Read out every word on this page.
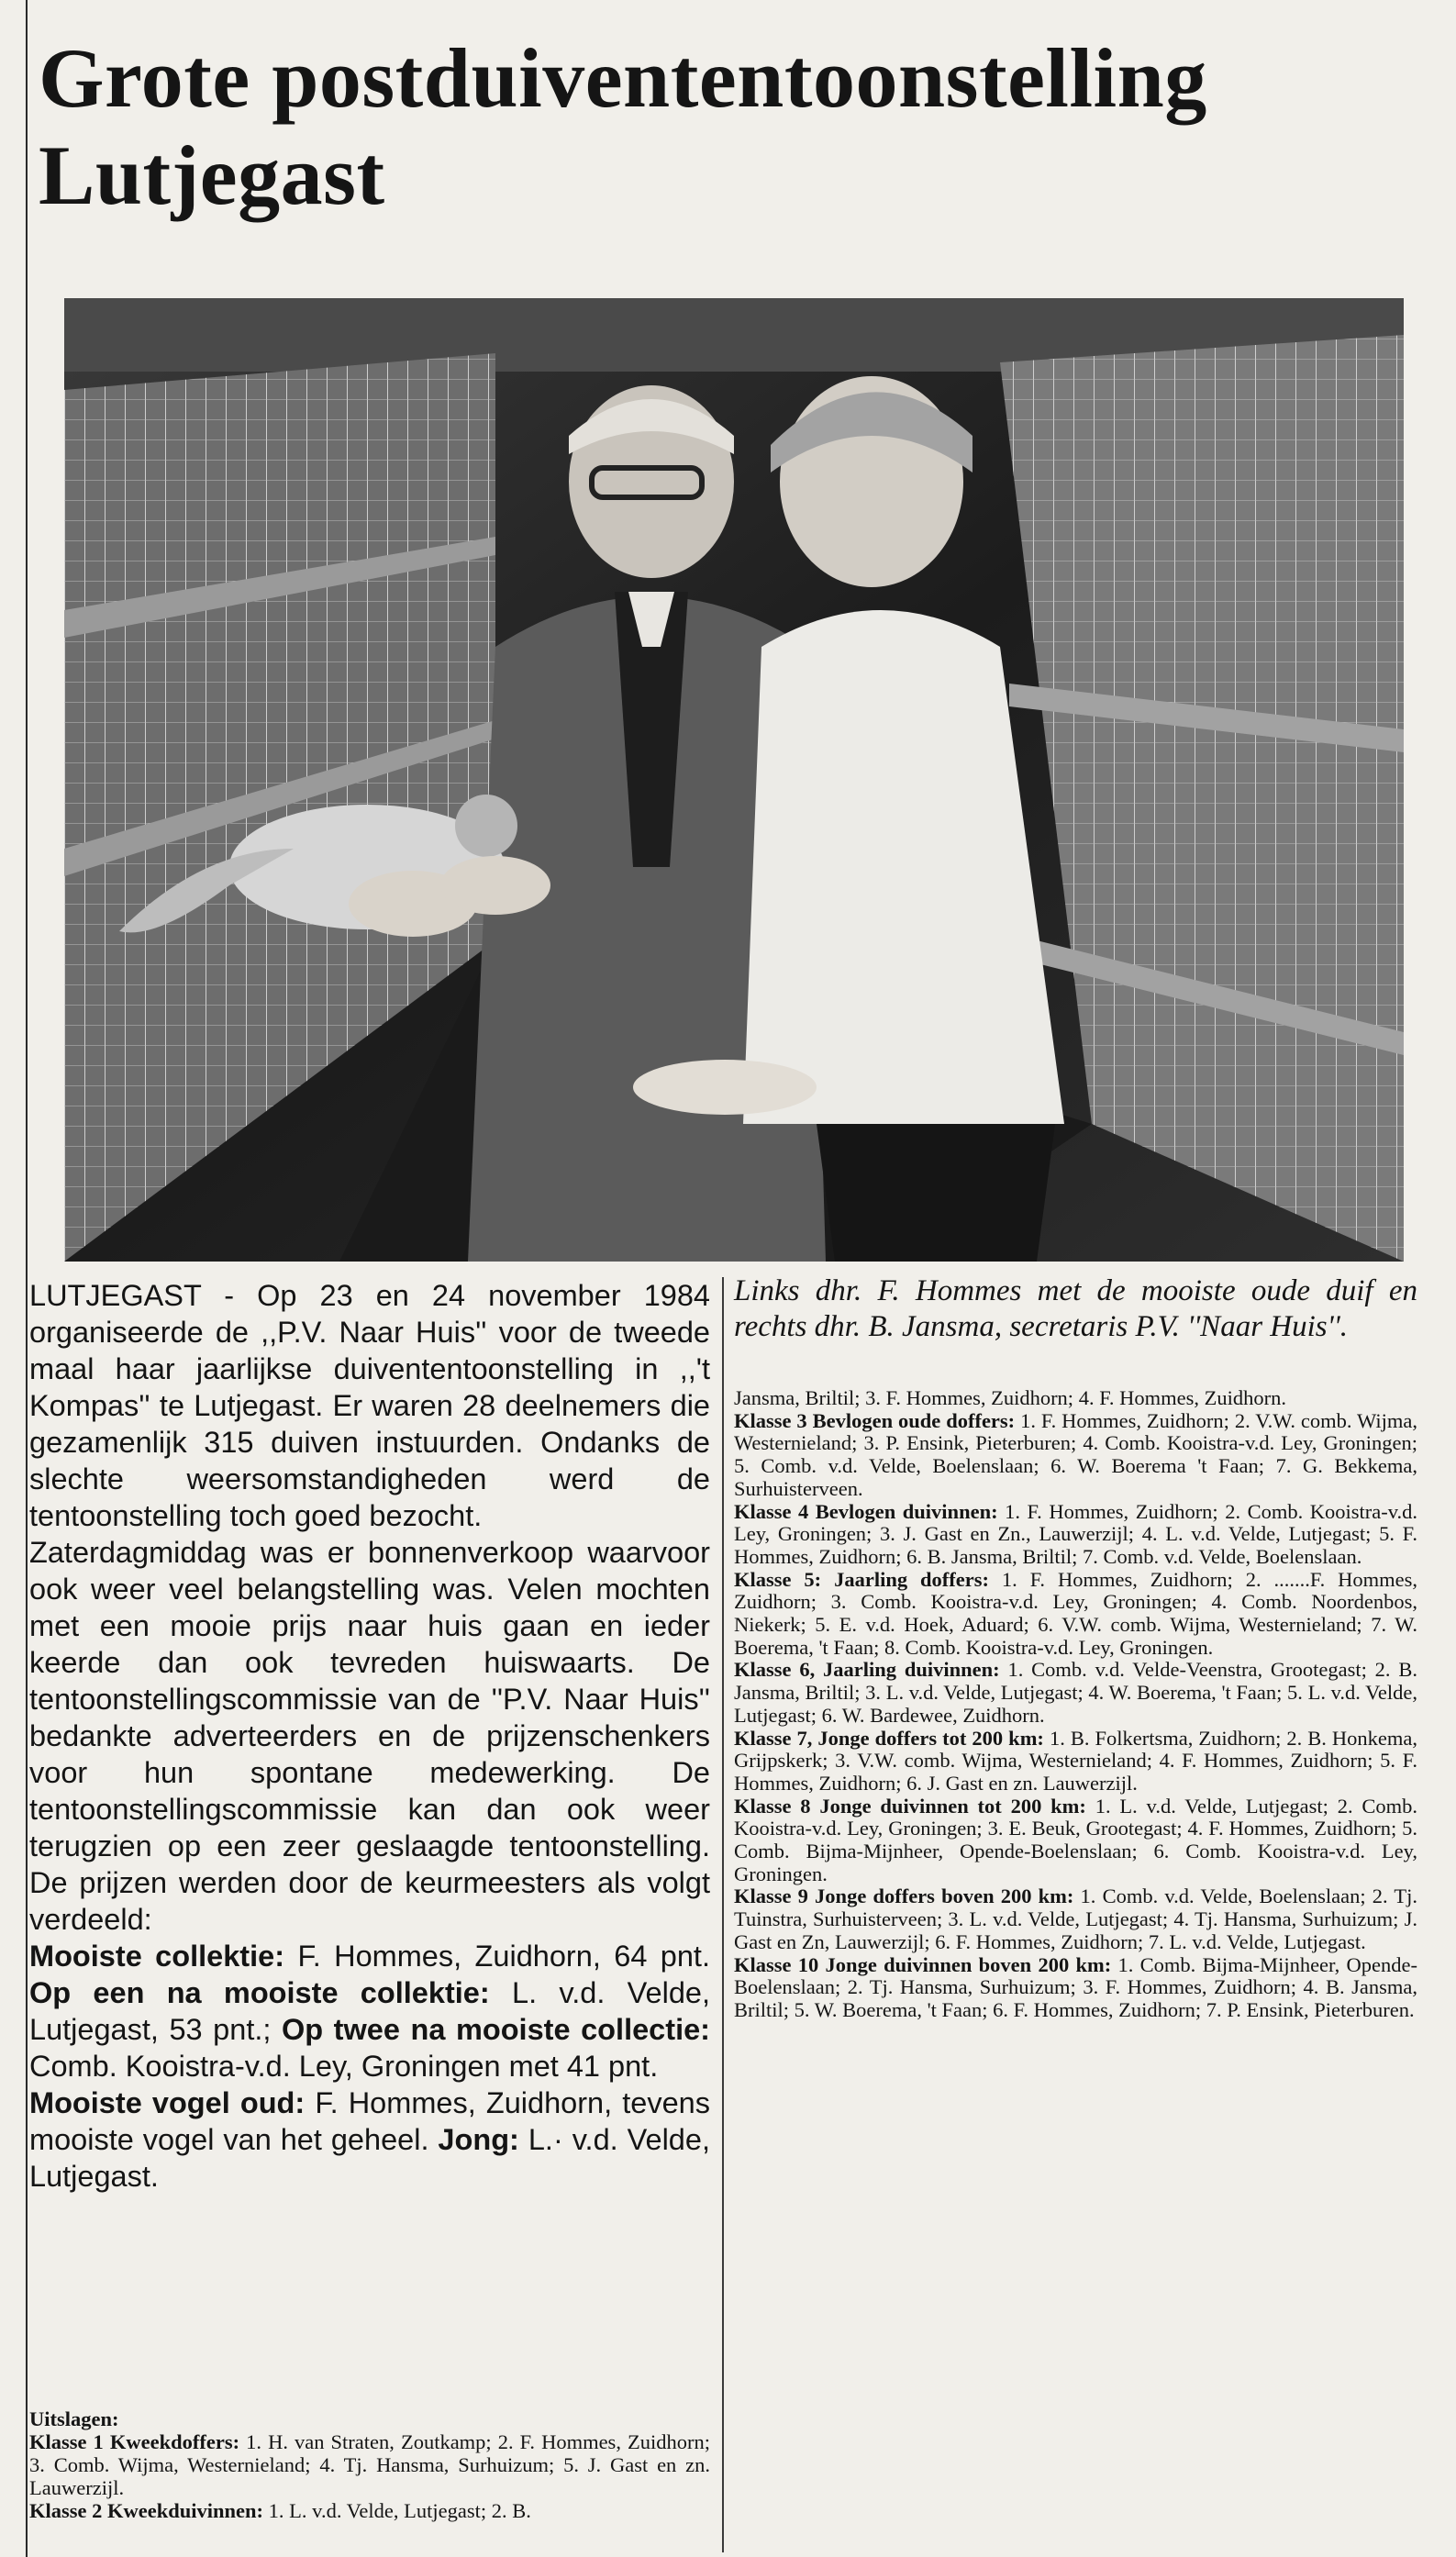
Grote postduivententoonstelling
Lutjegast

LUTJEGAST - Op 23 en 24 november 1984 organiseerde de ,,P.V. Naar Huis'' voor de tweede maal haar jaarlijkse duivententoonstelling in ,,'t Kompas'' te Lutjegast. Er waren 28 deelnemers die gezamenlijk 315 duiven instuurden. Ondanks de slechte weersomstandigheden werd de tentoonstelling toch goed bezocht.

Zaterdagmiddag was er bonnenverkoop waarvoor ook weer veel belangstelling was. Velen mochten met een mooie prijs naar huis gaan en ieder keerde dan ook tevreden huiswaarts. De tentoonstellingscommissie van de ''P.V. Naar Huis'' bedankte adverteerders en de prijzenschenkers voor hun spontane medewerking. De tentoonstellingscommissie kan dan ook weer terugzien op een zeer geslaagde tentoonstelling. De prijzen werden door de keurmeesters als volgt verdeeld:

Mooiste collektie: F. Hommes, Zuidhorn, 64 pnt. Op een na mooiste collektie: L. v.d. Velde, Lutjegast, 53 pnt.; Op twee na mooiste collectie: Comb. Kooistra-v.d. Ley, Groningen met 41 pnt.

Mooiste vogel oud: F. Hommes, Zuidhorn, tevens mooiste vogel van het geheel. Jong: L.· v.d. Velde, Lutjegast.

Uitslagen:

Klasse 1 Kweekdoffers: 1. H. van Straten, Zoutkamp; 2. F. Hommes, Zuidhorn; 3. Comb. Wijma, Westernieland; 4. Tj. Hansma, Surhuizum; 5. J. Gast en zn. Lauwerzijl.

Klasse 2 Kweekduivinnen: 1. L. v.d. Velde, Lutjegast; 2. B.

Links dhr. F. Hommes met de mooiste oude duif en rechts dhr. B. Jansma, secretaris P.V. ''Naar Huis''.

Jansma, Briltil; 3. F. Hommes, Zuidhorn; 4. F. Hommes, Zuidhorn.

Klasse 3 Bevlogen oude doffers: 1. F. Hommes, Zuidhorn; 2. V.W. comb. Wijma, Westernieland; 3. P. Ensink, Pieterburen; 4. Comb. Kooistra-v.d. Ley, Groningen; 5. Comb. v.d. Velde, Boelenslaan; 6. W. Boerema 't Faan; 7. G. Bekkema, Surhuisterveen.

Klasse 4 Bevlogen duivinnen: 1. F. Hommes, Zuidhorn; 2. Comb. Kooistra-v.d. Ley, Groningen; 3. J. Gast en Zn., Lauwerzijl; 4. L. v.d. Velde, Lutjegast; 5. F. Hommes, Zuidhorn; 6. B. Jansma, Briltil; 7. Comb. v.d. Velde, Boelenslaan.

Klasse 5: Jaarling doffers: 1. F. Hommes, Zuidhorn; 2. .......F. Hommes, Zuidhorn; 3. Comb. Kooistra-v.d. Ley, Groningen; 4. Comb. Noordenbos, Niekerk; 5. E. v.d. Hoek, Aduard; 6. V.W. comb. Wijma, Westernieland; 7. W. Boerema, 't Faan; 8. Comb. Kooistra-v.d. Ley, Groningen.

Klasse 6, Jaarling duivinnen: 1. Comb. v.d. Velde-Veenstra, Grootegast; 2. B. Jansma, Briltil; 3. L. v.d. Velde, Lutjegast; 4. W. Boerema, 't Faan; 5. L. v.d. Velde, Lutjegast; 6. W. Bardewee, Zuidhorn.

Klasse 7, Jonge doffers tot 200 km: 1. B. Folkertsma, Zuidhorn; 2. B. Honkema, Grijpskerk; 3. V.W. comb. Wijma, Westernieland; 4. F. Hommes, Zuidhorn; 5. F. Hommes, Zuidhorn; 6. J. Gast en zn. Lauwerzijl.

Klasse 8 Jonge duivinnen tot 200 km: 1. L. v.d. Velde, Lutjegast; 2. Comb. Kooistra-v.d. Ley, Groningen; 3. E. Beuk, Grootegast; 4. F. Hommes, Zuidhorn; 5. Comb. Bijma-Mijnheer, Opende-Boelenslaan; 6. Comb. Kooistra-v.d. Ley, Groningen.

Klasse 9 Jonge doffers boven 200 km: 1. Comb. v.d. Velde, Boelenslaan; 2. Tj. Tuinstra, Surhuisterveen; 3. L. v.d. Velde, Lutjegast; 4. Tj. Hansma, Surhuizum; J. Gast en Zn, Lauwerzijl; 6. F. Hommes, Zuidhorn; 7. L. v.d. Velde, Lutjegast.

Klasse 10 Jonge duivinnen boven 200 km: 1. Comb. Bijma-Mijnheer, Opende-Boelenslaan; 2. Tj. Hansma, Surhuizum; 3. F. Hommes, Zuidhorn; 4. B. Jansma, Briltil; 5. W. Boerema, 't Faan; 6. F. Hommes, Zuidhorn; 7. P. Ensink, Pieterburen.
